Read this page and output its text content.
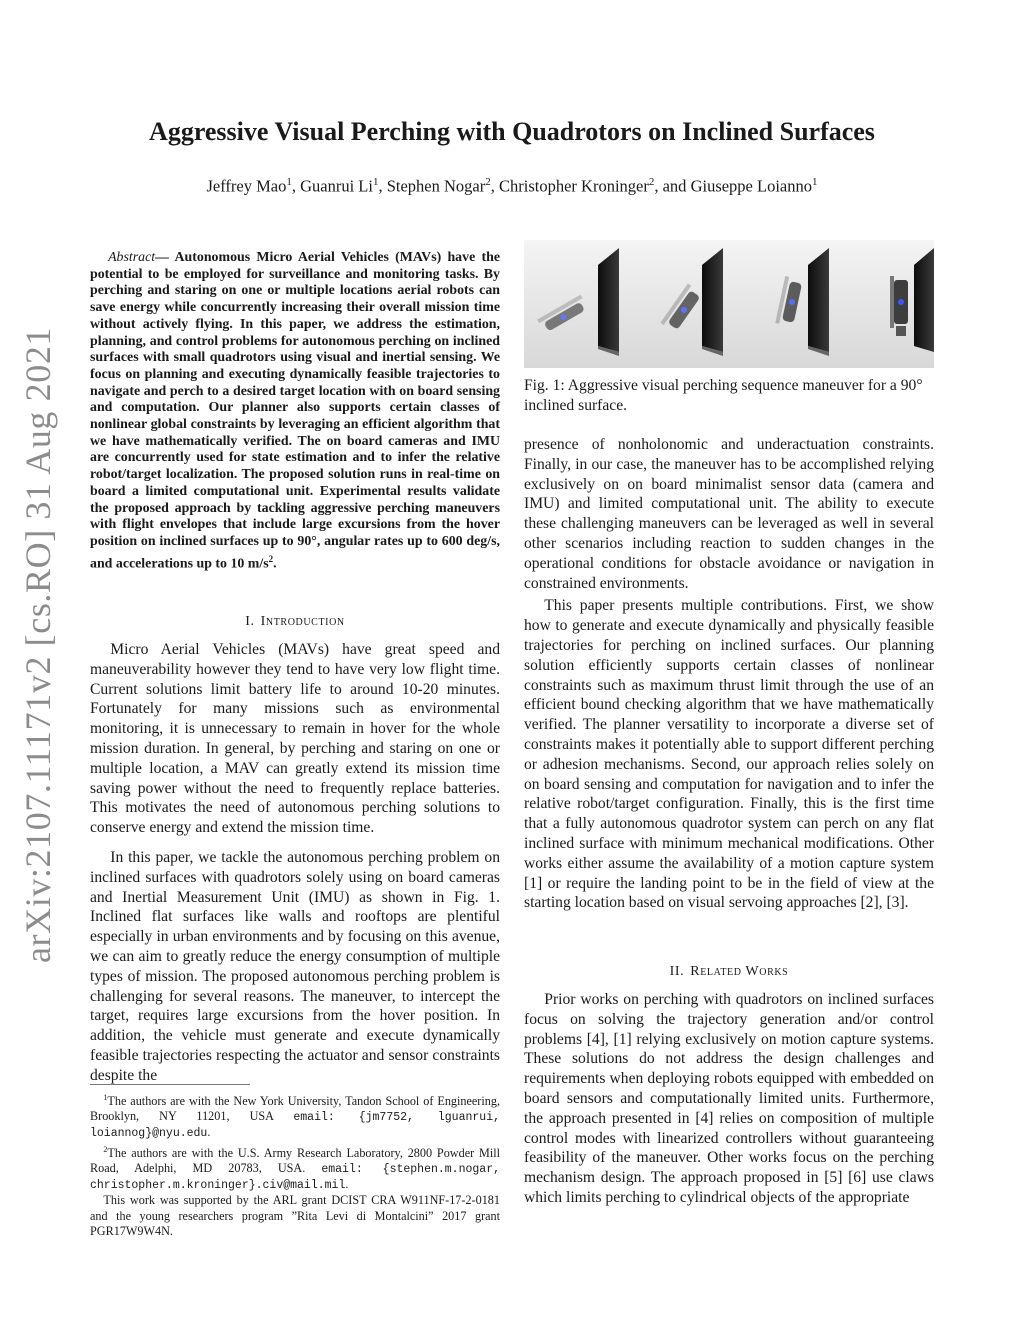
arXiv:2107.11171v2 [cs.RO] 31 Aug 2021
Aggressive Visual Perching with Quadrotors on Inclined Surfaces
Jeffrey Mao$^1$, Guanrui Li$^1$, Stephen Nogar$^2$, Christopher Kroninger$^2$, and Giuseppe Loianno$^1$

Abstract— Autonomous Micro Aerial Vehicles (MAVs) have the potential to be employed for surveillance and monitoring tasks. By perching and staring on one or multiple locations aerial robots can save energy while concurrently increasing their overall mission time without actively flying. In this paper, we address the estimation, planning, and control problems for autonomous perching on inclined surfaces with small quadrotors using visual and inertial sensing. We focus on planning and executing dynamically feasible trajectories to navigate and perch to a desired target location with on board sensing and computation. Our planner also supports certain classes of nonlinear global constraints by leveraging an efficient algorithm that we have mathematically verified. The on board cameras and IMU are concurrently used for state estimation and to infer the relative robot/target localization. The proposed solution runs in real-time on board a limited computational unit. Experimental results validate the proposed approach by tackling aggressive perching maneuvers with flight envelopes that include large excursions from the hover position on inclined surfaces up to 90°, angular rates up to 600 deg/s, and accelerations up to 10 $m/s^2$.

I. Introduction

Micro Aerial Vehicles (MAVs) have great speed and maneuverability however they tend to have very low flight time. Current solutions limit battery life to around 10-20 minutes. Fortunately for many missions such as environmental monitoring, it is unnecessary to remain in hover for the whole mission duration. In general, by perching and staring on one or multiple location, a MAV can greatly extend its mission time saving power without the need to frequently replace batteries. This motivates the need of autonomous perching solutions to conserve energy and extend the mission time.

In this paper, we tackle the autonomous perching problem on inclined surfaces with quadrotors solely using on board cameras and Inertial Measurement Unit (IMU) as shown in Fig. 1. Inclined flat surfaces like walls and rooftops are plentiful especially in urban environments and by focusing on this avenue, we can aim to greatly reduce the energy consumption of multiple types of mission. The proposed autonomous perching problem is challenging for several reasons. The maneuver, to intercept the target, requires large excursions from the hover position. In addition, the vehicle must generate and execute dynamically feasible trajectories respecting the actuator and sensor constraints despite the

$^1$The authors are with the New York University, Tandon School of Engineering, Brooklyn, NY 11201, USA email: {jm7752, lguanrui, loiannog}@nyu.edu.

$^2$The authors are with the U.S. Army Research Laboratory, 2800 Powder Mill Road, Adelphi, MD 20783, USA. email: {stephen.m.nogar, christopher.m.kroninger}.civ@mail.mil.

This work was supported by the ARL grant DCIST CRA W911NF-17-2-0181 and the young researchers program ”Rita Levi di Montalcini” 2017 grant PGR17W9W4N.

Fig. 1: Aggressive visual perching sequence maneuver for a 90° inclined surface.

presence of nonholonomic and underactuation constraints. Finally, in our case, the maneuver has to be accomplished relying exclusively on on board minimalist sensor data (camera and IMU) and limited computational unit. The ability to execute these challenging maneuvers can be leveraged as well in several other scenarios including reaction to sudden changes in the operational conditions for obstacle avoidance or navigation in constrained environments.

This paper presents multiple contributions. First, we show how to generate and execute dynamically and physically feasible trajectories for perching on inclined surfaces. Our planning solution efficiently supports certain classes of nonlinear constraints such as maximum thrust limit through the use of an efficient bound checking algorithm that we have mathematically verified. The planner versatility to incorporate a diverse set of constraints makes it potentially able to support different perching or adhesion mechanisms. Second, our approach relies solely on on board sensing and computation for navigation and to infer the relative robot/target configuration. Finally, this is the first time that a fully autonomous quadrotor system can perch on any flat inclined surface with minimum mechanical modifications. Other works either assume the availability of a motion capture system [1] or require the landing point to be in the field of view at the starting location based on visual servoing approaches [2], [3].

II. Related Works

Prior works on perching with quadrotors on inclined surfaces focus on solving the trajectory generation and/or control problems [4], [1] relying exclusively on motion capture systems. These solutions do not address the design challenges and requirements when deploying robots equipped with embedded on board sensors and computationally limited units. Furthermore, the approach presented in [4] relies on composition of multiple control modes with linearized controllers without guaranteeing feasibility of the maneuver. Other works focus on the perching mechanism design. The approach proposed in [5] [6] use claws which limits perching to cylindrical objects of the appropriate
